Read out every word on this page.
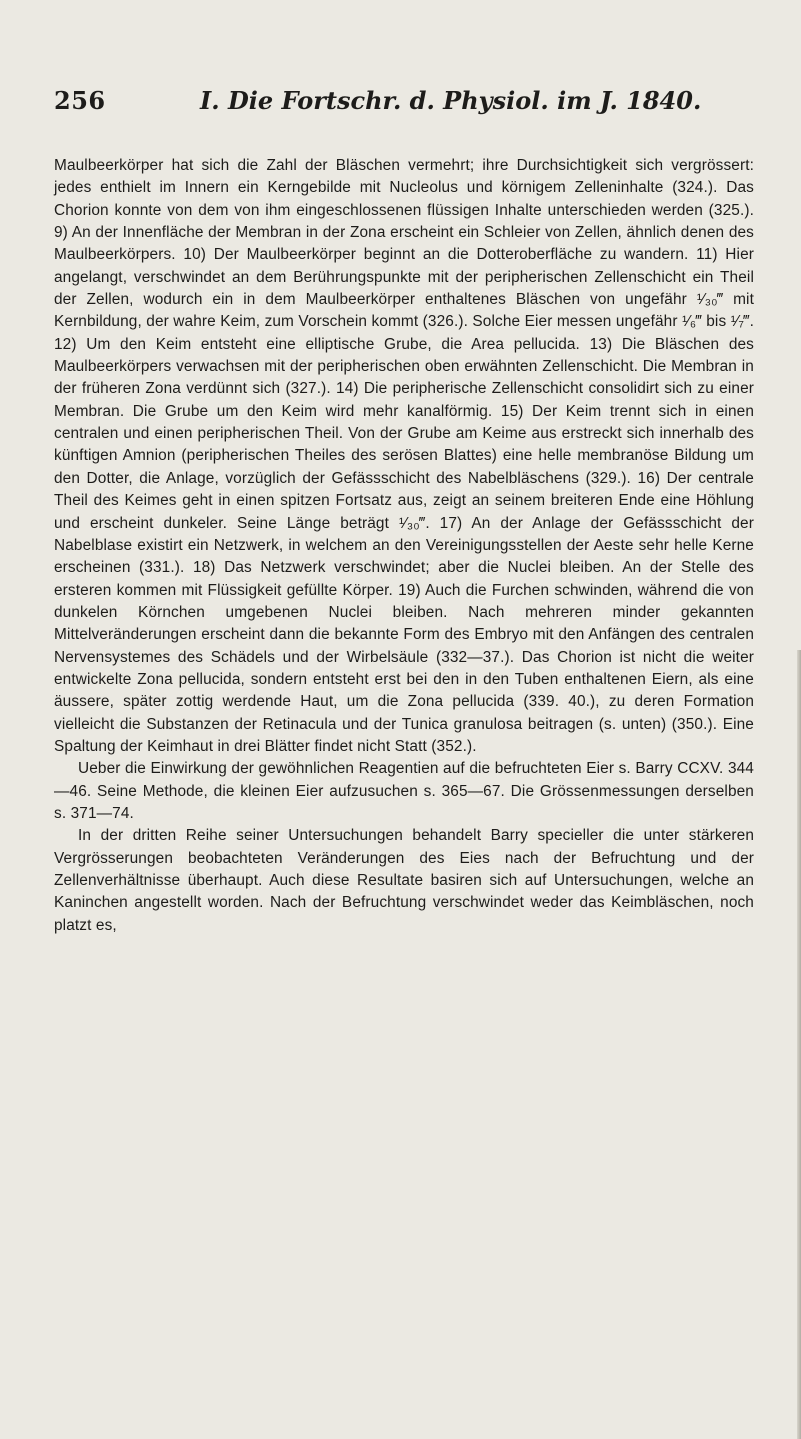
256	I. Die Fortschr. d. Physiol. im J. 1840.

Maulbeerkörper hat sich die Zahl der Bläschen vermehrt; ihre Durchsichtigkeit sich vergrössert: jedes enthielt im Innern ein Kerngebilde mit Nucleolus und körnigem Zelleninhalte (324.). Das Chorion konnte von dem von ihm eingeschlossenen flüssigen Inhalte unterschieden werden (325.). 9) An der Innenfläche der Membran in der Zona erscheint ein Schleier von Zellen, ähnlich denen des Maulbeerkörpers. 10) Der Maulbeerkörper beginnt an die Dotteroberfläche zu wandern. 11) Hier angelangt, verschwindet an dem Berührungspunkte mit der peripherischen Zellenschicht ein Theil der Zellen, wodurch ein in dem Maulbeerkörper enthaltenes Bläschen von ungefähr ¹⁄₃₀‴ mit Kernbildung, der wahre Keim, zum Vorschein kommt (326.). Solche Eier messen ungefähr ¹⁄₆‴ bis ¹⁄₇‴. 12) Um den Keim entsteht eine elliptische Grube, die Area pellucida. 13) Die Bläschen des Maulbeerkörpers verwachsen mit der peripherischen oben erwähnten Zellenschicht. Die Membran in der früheren Zona verdünnt sich (327.). 14) Die peripherische Zellenschicht consolidirt sich zu einer Membran. Die Grube um den Keim wird mehr kanalförmig. 15) Der Keim trennt sich in einen centralen und einen peripherischen Theil. Von der Grube am Keime aus erstreckt sich innerhalb des künftigen Amnion (peripherischen Theiles des serösen Blattes) eine helle membranöse Bildung um den Dotter, die Anlage, vorzüglich der Gefässschicht des Nabelbläschens (329.). 16) Der centrale Theil des Keimes geht in einen spitzen Fortsatz aus, zeigt an seinem breiteren Ende eine Höhlung und erscheint dunkeler. Seine Länge beträgt ¹⁄₃₀‴. 17) An der Anlage der Gefässschicht der Nabelblase existirt ein Netzwerk, in welchem an den Vereinigungsstellen der Aeste sehr helle Kerne erscheinen (331.). 18) Das Netzwerk verschwindet; aber die Nuclei bleiben. An der Stelle des ersteren kommen mit Flüssigkeit gefüllte Körper. 19) Auch die Furchen schwinden, während die von dunkelen Körnchen umgebenen Nuclei bleiben. Nach mehreren minder gekannten Mittelveränderungen erscheint dann die bekannte Form des Embryo mit den Anfängen des centralen Nervensystemes des Schädels und der Wirbelsäule (332—37.). Das Chorion ist nicht die weiter entwickelte Zona pellucida, sondern entsteht erst bei den in den Tuben enthaltenen Eiern, als eine äussere, später zottig werdende Haut, um die Zona pellucida (339. 40.), zu deren Formation vielleicht die Substanzen der Retinacula und der Tunica granulosa beitragen (s. unten) (350.). Eine Spaltung der Keimhaut in drei Blätter findet nicht Statt (352.).

Ueber die Einwirkung der gewöhnlichen Reagentien auf die befruchteten Eier s. Barry CCXV. 344—46. Seine Methode, die kleinen Eier aufzusuchen s. 365—67. Die Grössenmessungen derselben s. 371—74.

In der dritten Reihe seiner Untersuchungen behandelt Barry specieller die unter stärkeren Vergrösserungen beobachteten Veränderungen des Eies nach der Befruchtung und der Zellenverhältnisse überhaupt. Auch diese Resultate basiren sich auf Untersuchungen, welche an Kaninchen angestellt worden. Nach der Befruchtung verschwindet weder das Keimbläschen, noch platzt es,
